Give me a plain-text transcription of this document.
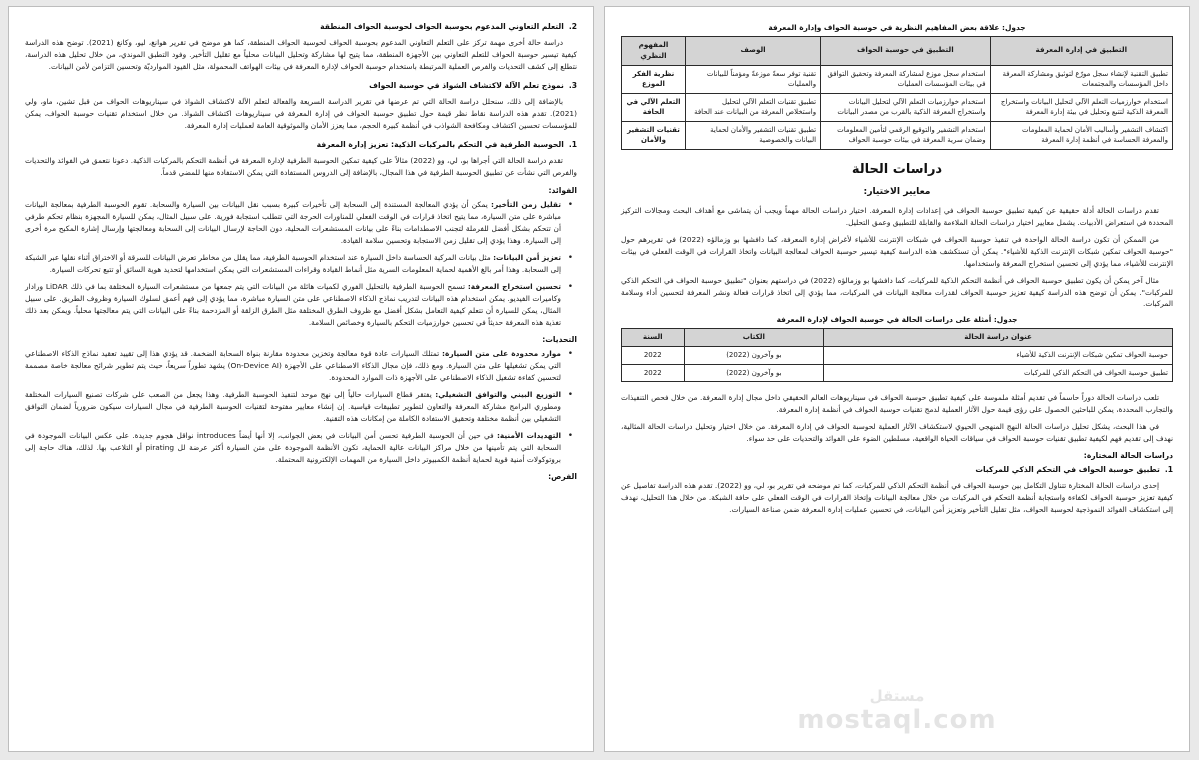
2.
التعلم التعاوني المدعوم بحوسبة الحواف لحوسبة الحواف المنطقة

دراسة حالة أخرى مهمة تركز على التعلم التعاوني المدعوم بحوسبة الحواف لحوسبة الحواف المنطقة، كما هو موضح في تقرير هوانغ، ليو، وكانغ (2021). توضح هذه الدراسة كيفية تيسير حوسبة الحواف للتعلم التعاوني بين الأجهزة المنطقة، مما يتيح لها مشاركة وتحليل البيانات محلياً مع تقليل التأخير. وفود التطبق الموندي، من خلال تحليل هذه الدراسة، نتطلع إلى كشف التحديات والفرص العملية المرتبطة باستخدام حوسبة الحواف لإدارة المعرفة في بيئات الهواتف المحمولة، مثل القيود الموارديّة وتحسين التزامن لأمن البيانات.

3.
نموذج تعلم الآلة لاكتشاف الشواذ في حوسبة الحواف

بالإضافة إلى ذلك، سنحلل دراسة الحالة التي تم عرضها في تقرير الدراسة السريعة والفعالة لتعلم الآلة لاكتشاف الشواذ في سيناريوهات الحواف من قبل تشين، ماو، ولي (2021). تقدم هذه الدراسة نقاط نظر قيمة حول تطبيق حوسبة الحواف في إدارة المعرفة في سيناريوهات اكتشاف الشواذ. من خلال استخدام تقنيات حوسبة الحواف، يمكن للمؤسسات تحسين اكتشاف ومكافحة الشواذب في أنظمة كبيرة الحجم، مما يعزز الأمان والموثوقية العامة لعمليات إدارة المعرفة.

1.
الحوسبة الطرفية في التحكم بالمركبات الذكية: تعزيز إدارة المعرفة

تقدم دراسة الحالة التي أجراها بو، لي، وو (2022) مثالاً على كيفية تمكين الحوسبة الطرفية لإدارة المعرفة في أنظمة التحكم بالمركبات الذكية. دعونا نتعمق في الفوائد والتحديات والفرص التي نشأت عن تطبيق الحوسبة الطرفية في هذا المجال، بالإضافة إلى الدروس المستفادة التي يمكن الاستفادة منها للمضي قدماً.

الفوائد:
• تقليل زمن التأخير: يمكن أن يؤدي المعالجة المستندة إلى السحابة إلى تأخيرات كبيرة بسبب نقل البيانات بين السيارة والسحابة. تقوم الحوسبة الطرفية بمعالجة البيانات مباشرة على متن السيارة، مما يتيح اتخاذ قرارات في الوقت الفعلي للمناورات الحرجة التي تتطلب استجابة فورية. على سبيل المثال، يمكن للسيارة المجهزة بنظام تحكم طرفي أن تتحكم بشكل أفضل للفرملة لتجنب الاصطدامات بناءً على بيانات المستشعرات المحلية، دون الحاجة لإرسال البيانات إلى السحابة ومعالجتها وإرسال إشارة المكبح مرة أخرى إلى السيارة. وهذا يؤدي إلى تقليل زمن الاستجابة وتحسين سلامة القيادة.
• تعزيز أمن البيانات: مثل بيانات المركبة الحساسة داخل السيارة عند استخدام الحوسبة الطرفية، مما يقلل من مخاطر تعرض البيانات للسرقة أو الاختراق أثناء نقلها عبر الشبكة إلى السحابة. وهذا أمر بالغ الأهمية لحماية المعلومات السرية مثل أنماط القيادة وقراءات المستشعرات التي يمكن استخدامها لتحديد هوية السائق أو تتبع تحركات السيارة.
• تحسين استخراج المعرفة: تسمح الحوسبة الطرفية بالتحليل الفوري لكميات هائلة من البيانات التي يتم جمعها من مستشعرات السيارة المختلفة بما في ذلك LiDAR ورادار وكاميرات الفيديو. يمكن استخدام هذه البيانات لتدريب نماذج الذكاء الاصطناعي على متن السيارة مباشرة، مما يؤدي إلى فهم أعمق لسلوك السيارة وظروف الطريق. على سبيل المثال، يمكن للسيارة أن تتعلم كيفية التعامل بشكل أفضل مع ظروف الطرق المختلفة مثل الطرق الزلقة أو المزدحمة بناءً على البيانات التي يتم معالجتها محلياً. ويمكن بعد ذلك تغذية هذه المعرفة حديثاً في تحسين خوارزميات التحكم بالسيارة وخصائص السلامة.
التحديات:
• موارد محدودة على متن السيارة: تمتلك السيارات عادة قوة معالجة وتخزين محدودة مقارنة بنواة السحابة الضخمة. قد يؤدي هذا إلى تقييد تعقيد نماذج الذكاء الاصطناعي التي يمكن تشغيلها على متن السيارة. ومع ذلك، فإن مجال الذكاء الاصطناعي على الأجهزة (On-Device AI) يشهد تطوراً سريعاً، حيث يتم تطوير شرائح معالجة خاصة مصممة لتحسين كفاءة تشغيل الذكاء الاصطناعي على الأجهزة ذات الموارد المحدودة.
• التوزيع البيني والتوافق التشغيلي: يفتقر قطاع السيارات حالياً إلى نهج موحد لتنفيذ الحوسبة الطرفية. وهذا يجعل من الصعب على شركات تصنيع السيارات المختلفة ومطوري البرامج مشاركة المعرفة والتعاون لتطوير تطبيقات قياسية. إن إنشاء معايير مفتوحة لتقنيات الحوسبة الطرفية في مجال السيارات سيكون ضرورياً لضمان التوافق التشغيلي بين أنظمة مختلفة وتحقيق الاستفادة الكاملة من إمكانات هذه التقنية.
• التهديدات الأمنية: في حين أن الحوسبة الطرفية تحسن أمن البيانات في بعض الجوانب، إلا أنها أيضاً introduces نواقل هجوم جديدة. على عكس البيانات الموجودة في السحابة التي يتم تأمينها من خلال مراكز البيانات عالية الحماية، تكون الأنظمة الموجودة على متن السيارة أكثر عرضة لل pirating أو التلاعب بها. لذلك، هناك حاجة إلى بروتوكولات أمنية قوية لحماية أنظمة الكمبيوتر داخل السيارة من المهمات الإلكترونية المحتملة.
الفرص:
جدول: علاقة بعض المفاهيم النظرية في حوسبة الحواف وإدارة المعرفة
التطبيق في إدارة المعرفة	التطبيق في حوسبة الحواف	الوصف	المفهوم النظري
تطبيق التقنية لإنشاء سجل مورّع لتوثيق ومشاركة المعرفة داخل المؤسسات والمجتمعات	استخدام سجل موزع لمشاركة المعرفة وتحقيق التوافق في بيئات المؤسسات العمليات	تقنية توفر سعةً موزعةً ومؤمناً للبيانات والعمليات	نظرية الفكر الموزع
استخدام خوارزميات التعلم الآلي لتحليل البيانات واستخراج المعرفة الذكية لتتبع وتحليل في بيئة إدارة المعرفة	استخدام خوارزميات التعلم الآلي لتحليل البيانات واستخراج المعرفة الذكية بالقرب من مصدر البيانات	تطبيق تقنيات التعلم الآلي لتحليل واستخلاص المعرفة من البيانات عند الحافة	التعلم الآلي في الحافة
اكتشاف التشفير وأساليب الأمان لحماية المعلومات والمعرفة الحساسة في أنظمة إدارة المعرفة	استخدام التشفير والتوقيع الرقمي لتأمين المعلومات وضمان سرية المعرفة في بيئات حوسبة الحواف	تطبيق تقنيات التشفير والأمان لحماية البيانات والخصوصية	تقنيات التشفير والأمان
دراسات الحالة
معايير الاختيار:

تقدم دراسات الحالة أدلة حقيقية عن كيفية تطبيق حوسبة الحواف في إعدادات إدارة المعرفة. اختيار دراسات الحالة مهماً ويجب أن يتماشى مع أهداف البحث ومجالات التركيز المحددة في استعراض الأدبيات. يشمل معايير اختيار دراسات الحالة الملاءمة والقابلة للتطبيق وعمق التحليل.

من الممكن أن تكون دراسة الحالة الواحدة في تنفيذ حوسبة الحواف في شبكات الإنترنت للأشياء لأغراض إدارة المعرفة، كما دافشها بو وزمالؤه (2022) في تقريرهم حول "حوسبة الحواف تمكين شبكات الإنترنت الذكية للأشياء". يمكن أن تستكشف هذه الدراسة كيفية تيسير حوسبة الحواف لمعالجة البيانات واتخاذ القرارات في الوقت الفعلي في بيئات الإنترنت للأشياء، مما يؤدي إلى تحسين استخراج المعرفة واستخدامها.

مثال آخر يمكن أن يكون تطبيق حوسبة الحواف في أنظمة التحكم الذكية للمركبات، كما دافشها بو وزمالؤه (2022) في دراستهم بعنوان "تطبيق حوسبة الحواف في التحكم الذكي للمركبات". يمكن أن توضح هذه الدراسة كيفية تعزيز حوسبة الحواف لقدرات معالجة البيانات في المركبات، مما يؤدي إلى اتخاذ قرارات فعالة ونشر المعرفة لتحسين أداء وسلامة المركبات.

جدول: أمثلة على دراسات الحالة في حوسبة الحواف لإدارة المعرفة
عنوان دراسة الحالة	الكتاب	السنة
حوسبة الحواف تمكين شبكات الإنترنت الذكية للأشياء	بو وآخرون (2022)	2022
تطبيق حوسبة الحواف في التحكم الذكي للمركبات	بو وآخرون (2022)	2022

تلعب دراسات الحالة دوراً حاسماً في تقديم أمثلة ملموسة على كيفية تطبيق حوسبة الحواف في سيناريوهات العالم الحقيقي داخل مجال إدارة المعرفة. من خلال فحص التنفيذات والتجارب المحددة، يمكن للباحثين الحصول على رؤى قيمة حول الآثار العملية لدمج تقنيات حوسبة الحواف في أنظمة إدارة المعرفة.

في هذا البحث، يشكل تحليل دراسات الحالة النهج المنهجي الحيوي لاستكشاف الآثار العملية لحوسبة الحواف في إدارة المعرفة. من خلال اختيار وتحليل دراسات الحالة المثالية، نهدف إلى تقديم فهم لكيفية تطبيق تقنيات حوسبة الحواف في سياقات الحياة الواقعية، مسلطين الضوء على الفوائد والتحديات على حد سواء.

دراسات الحالة المختارة:
1.
تطبيق حوسبة الحواف في التحكم الذكي للمركبات

إحدى دراسات الحالة المختارة تتناول التكامل بين حوسبة الحواف في أنظمة التحكم الذكي للمركبات، كما تم موضحه في تقرير بو، لي، وو (2022). تقدم هذه الدراسة تفاصيل عن كيفية تعزيز حوسبة الحواف لكفاءة واستجابة أنظمة التحكم في المركبات من خلال معالجة البيانات وإتخاذ القرارات في الوقت الفعلي على حافة الشبكة. من خلال هذا التحليل، نهدف إلى استكشاف الفوائد النموذجية لحوسبة الحواف، مثل تقليل التأخير وتعزيز أمن البيانات، في تحسين عمليات إدارة المعرفة ضمن صناعة السيارات.

مستقل
mostaql.com
